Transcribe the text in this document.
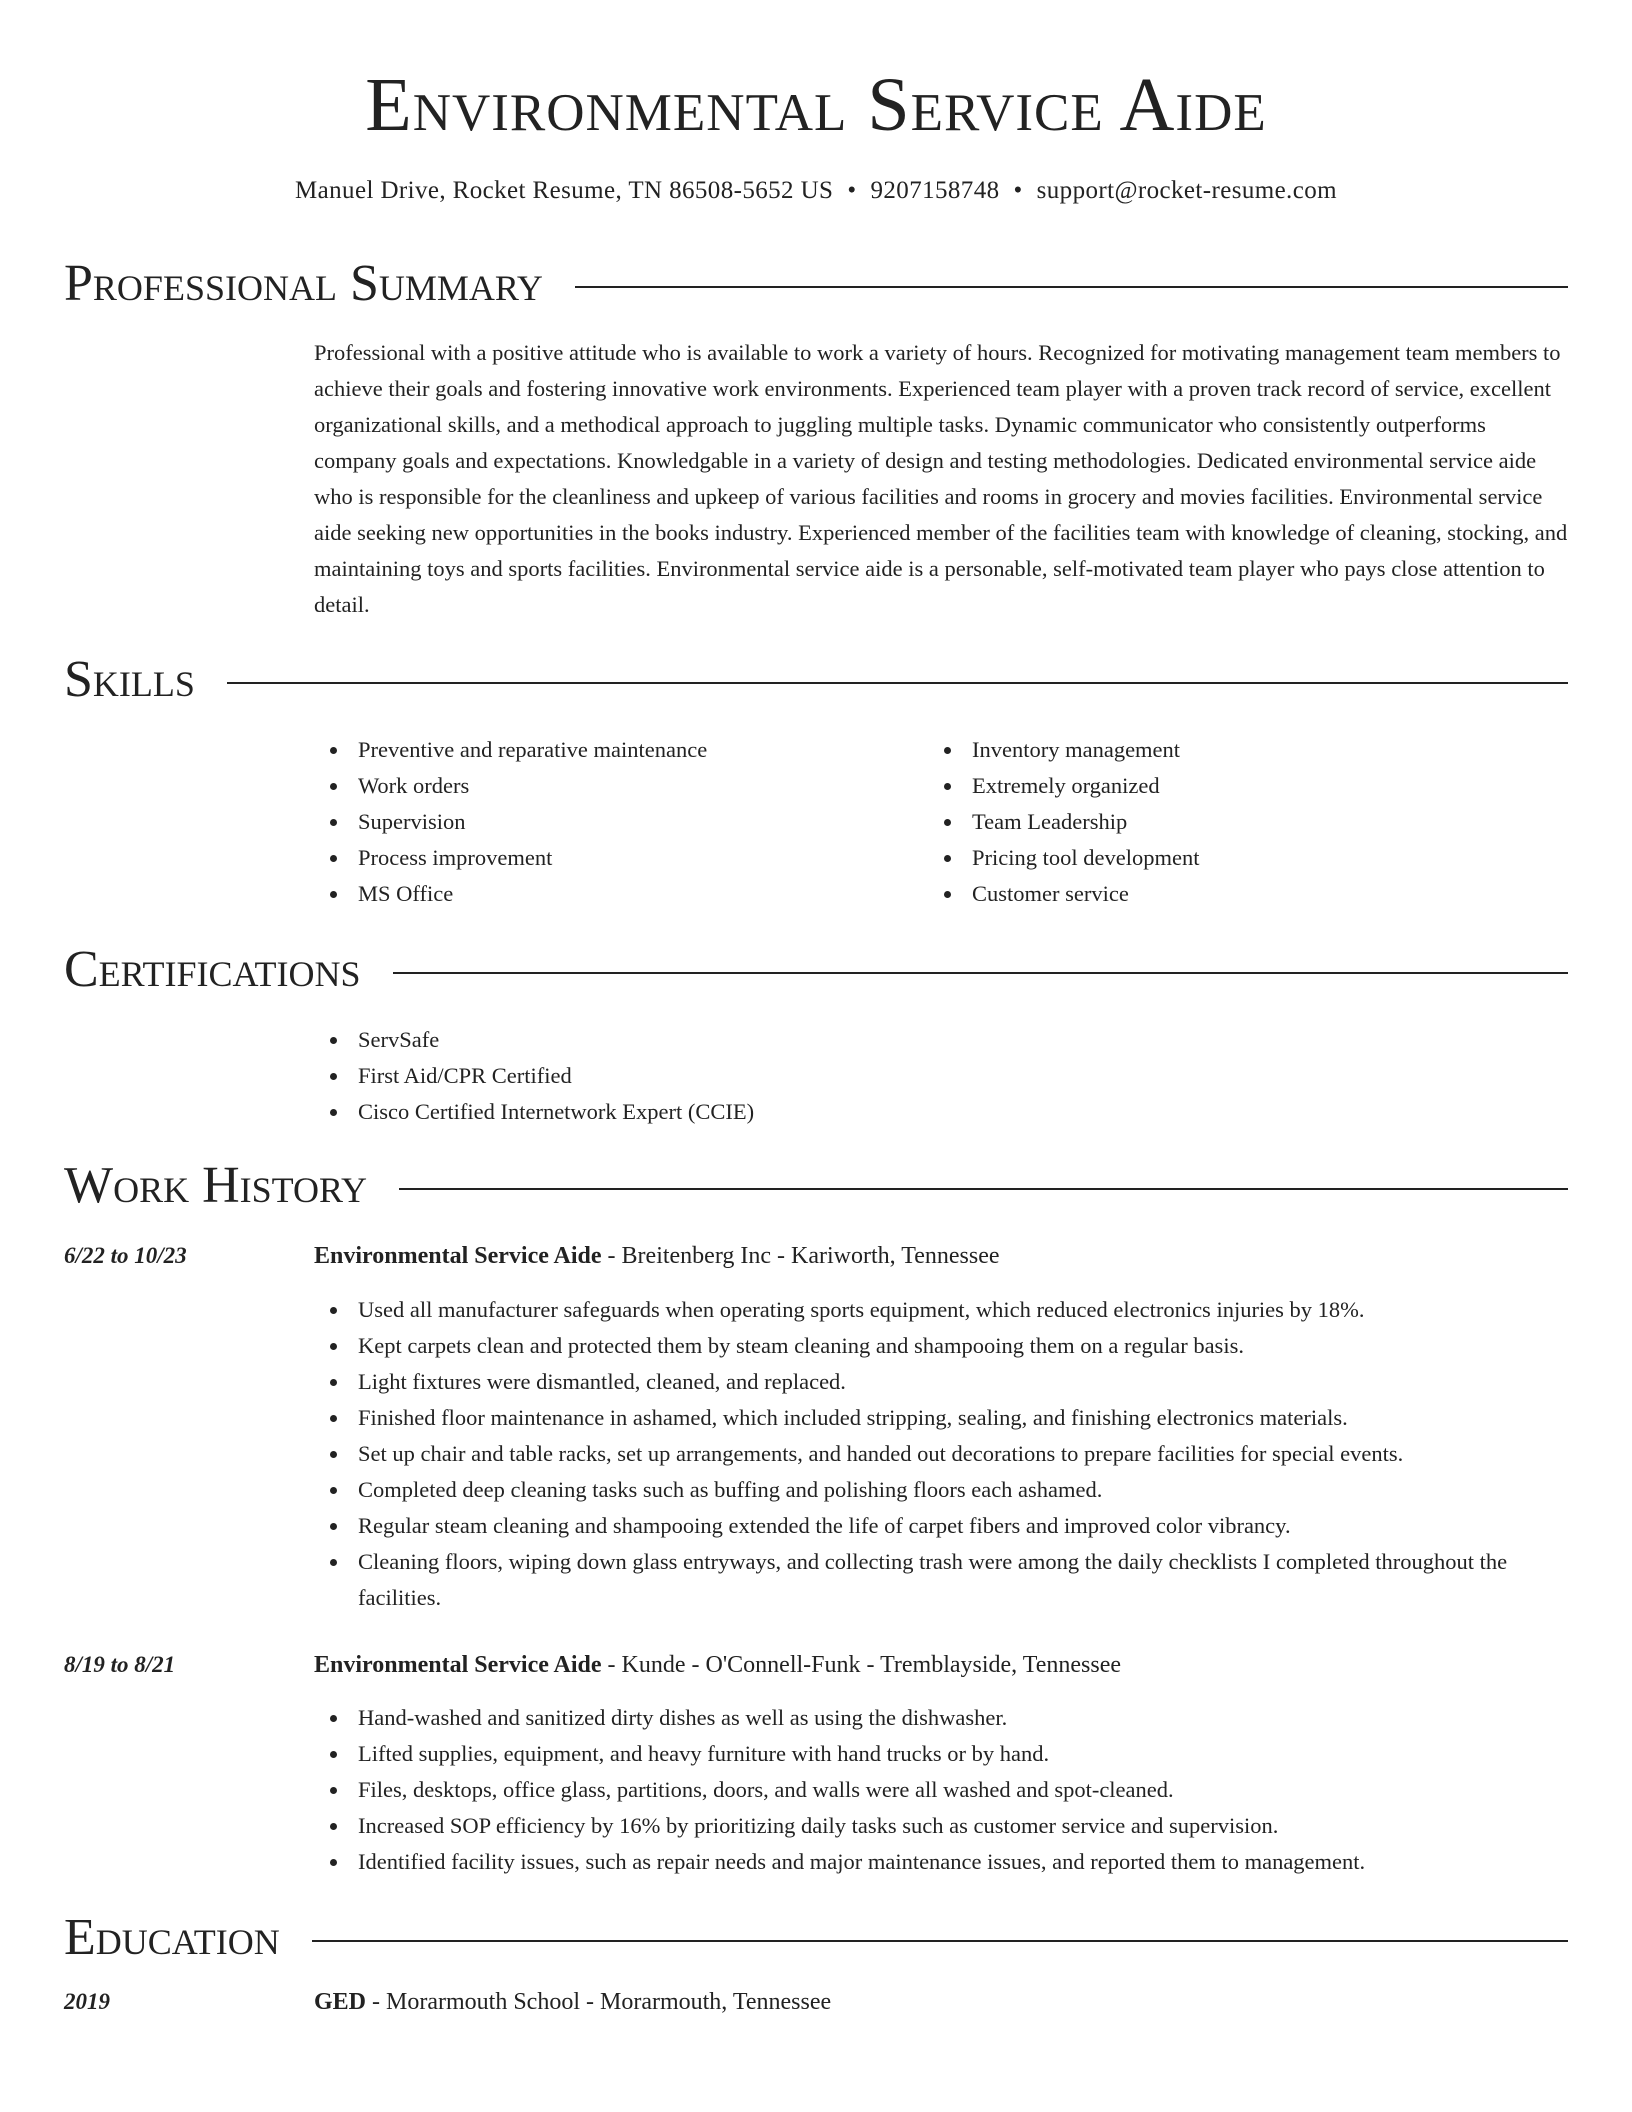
Environmental Service Aide
Manuel Drive, Rocket Resume, TN 86508-5652 US • 9207158748 • support@rocket-resume.com
Professional Summary
Professional with a positive attitude who is available to work a variety of hours. Recognized for motivating management team members to achieve their goals and fostering innovative work environments. Experienced team player with a proven track record of service, excellent organizational skills, and a methodical approach to juggling multiple tasks. Dynamic communicator who consistently outperforms company goals and expectations. Knowledgable in a variety of design and testing methodologies. Dedicated environmental service aide who is responsible for the cleanliness and upkeep of various facilities and rooms in grocery and movies facilities. Environmental service aide seeking new opportunities in the books industry. Experienced member of the facilities team with knowledge of cleaning, stocking, and maintaining toys and sports facilities. Environmental service aide is a personable, self-motivated team player who pays close attention to detail.
Skills
Preventive and reparative maintenance
Work orders
Supervision
Process improvement
MS Office
Inventory management
Extremely organized
Team Leadership
Pricing tool development
Customer service
Certifications
ServSafe
First Aid/CPR Certified
Cisco Certified Internetwork Expert (CCIE)
Work History
6/22 to 10/23	Environmental Service Aide - Breitenberg Inc - Kariworth, Tennessee
Used all manufacturer safeguards when operating sports equipment, which reduced electronics injuries by 18%.
Kept carpets clean and protected them by steam cleaning and shampooing them on a regular basis.
Light fixtures were dismantled, cleaned, and replaced.
Finished floor maintenance in ashamed, which included stripping, sealing, and finishing electronics materials.
Set up chair and table racks, set up arrangements, and handed out decorations to prepare facilities for special events.
Completed deep cleaning tasks such as buffing and polishing floors each ashamed.
Regular steam cleaning and shampooing extended the life of carpet fibers and improved color vibrancy.
Cleaning floors, wiping down glass entryways, and collecting trash were among the daily checklists I completed throughout the facilities.
8/19 to 8/21	Environmental Service Aide - Kunde - O'Connell-Funk - Tremblayside, Tennessee
Hand-washed and sanitized dirty dishes as well as using the dishwasher.
Lifted supplies, equipment, and heavy furniture with hand trucks or by hand.
Files, desktops, office glass, partitions, doors, and walls were all washed and spot-cleaned.
Increased SOP efficiency by 16% by prioritizing daily tasks such as customer service and supervision.
Identified facility issues, such as repair needs and major maintenance issues, and reported them to management.
Education
2019	GED - Morarmouth School - Morarmouth, Tennessee
